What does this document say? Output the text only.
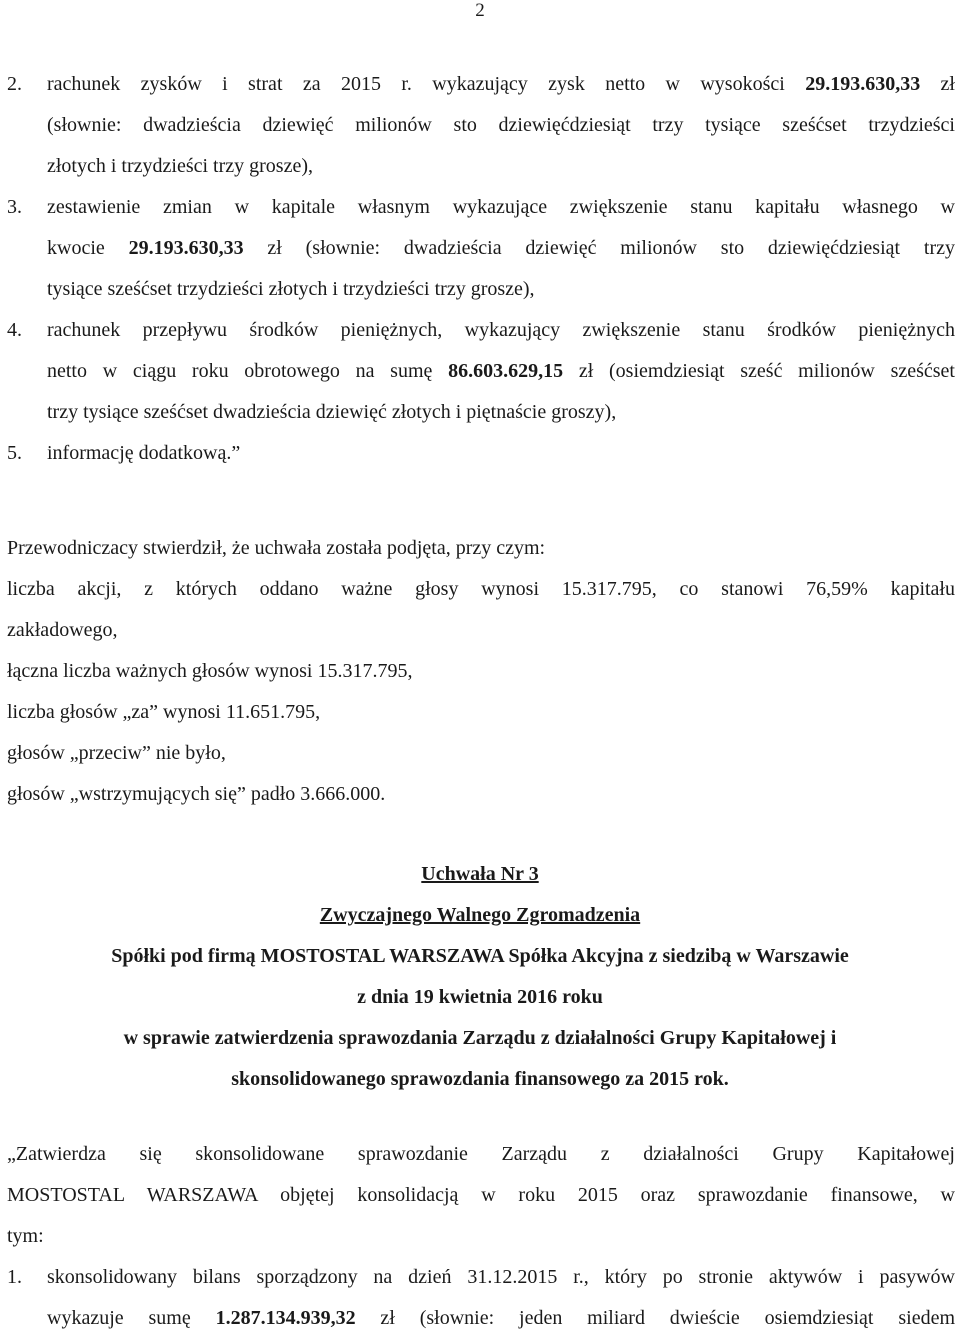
2
2. rachunek zysków i strat za 2015 r. wykazujący zysk netto w wysokości 29.193.630,33 zł
(słownie: dwadzieścia dziewięć milionów sto dziewięćdziesiąt trzy tysiące sześćset trzydzieści
złotych i trzydzieści trzy grosze),
3. zestawienie zmian w kapitale własnym wykazujące zwiększenie stanu kapitału własnego w
kwocie 29.193.630,33 zł (słownie: dwadzieścia dziewięć milionów sto dziewięćdziesiąt trzy
tysiące sześćset trzydzieści złotych i trzydzieści trzy grosze),
4. rachunek przepływu środków pieniężnych, wykazujący zwiększenie stanu środków pieniężnych
netto w ciągu roku obrotowego na sumę 86.603.629,15 zł (osiemdziesiąt sześć milionów sześćset
trzy tysiące sześćset dwadzieścia dziewięć złotych i piętnaście groszy),
5. informację dodatkową.”
Przewodniczacy stwierdził, że uchwała została podjęta, przy czym:
liczba akcji, z których oddano ważne głosy wynosi 15.317.795, co stanowi 76,59% kapitału
zakładowego,
łączna liczba ważnych głosów wynosi 15.317.795,
liczba głosów „za” wynosi 11.651.795,
głosów „przeciw” nie było,
głosów „wstrzymujących się” padło 3.666.000.
Uchwała Nr 3
Zwyczajnego Walnego Zgromadzenia
Spółki pod firmą MOSTOSTAL WARSZAWA Spółka Akcyjna z siedzibą w Warszawie
z dnia 19 kwietnia 2016 roku
w sprawie zatwierdzenia sprawozdania Zarządu z działalności Grupy Kapitałowej i
skonsolidowanego sprawozdania finansowego za 2015 rok.
„Zatwierdza się skonsolidowane sprawozdanie Zarządu z działalności Grupy Kapitałowej
MOSTOSTAL WARSZAWA objętej konsolidacją w roku 2015 oraz sprawozdanie finansowe, w
tym:
1. skonsolidowany bilans sporządzony na dzień 31.12.2015 r., który po stronie aktywów i pasywów
wykazuje sumę 1.287.134.939,32 zł (słownie: jeden miliard dwieście osiemdziesiąt siedem
